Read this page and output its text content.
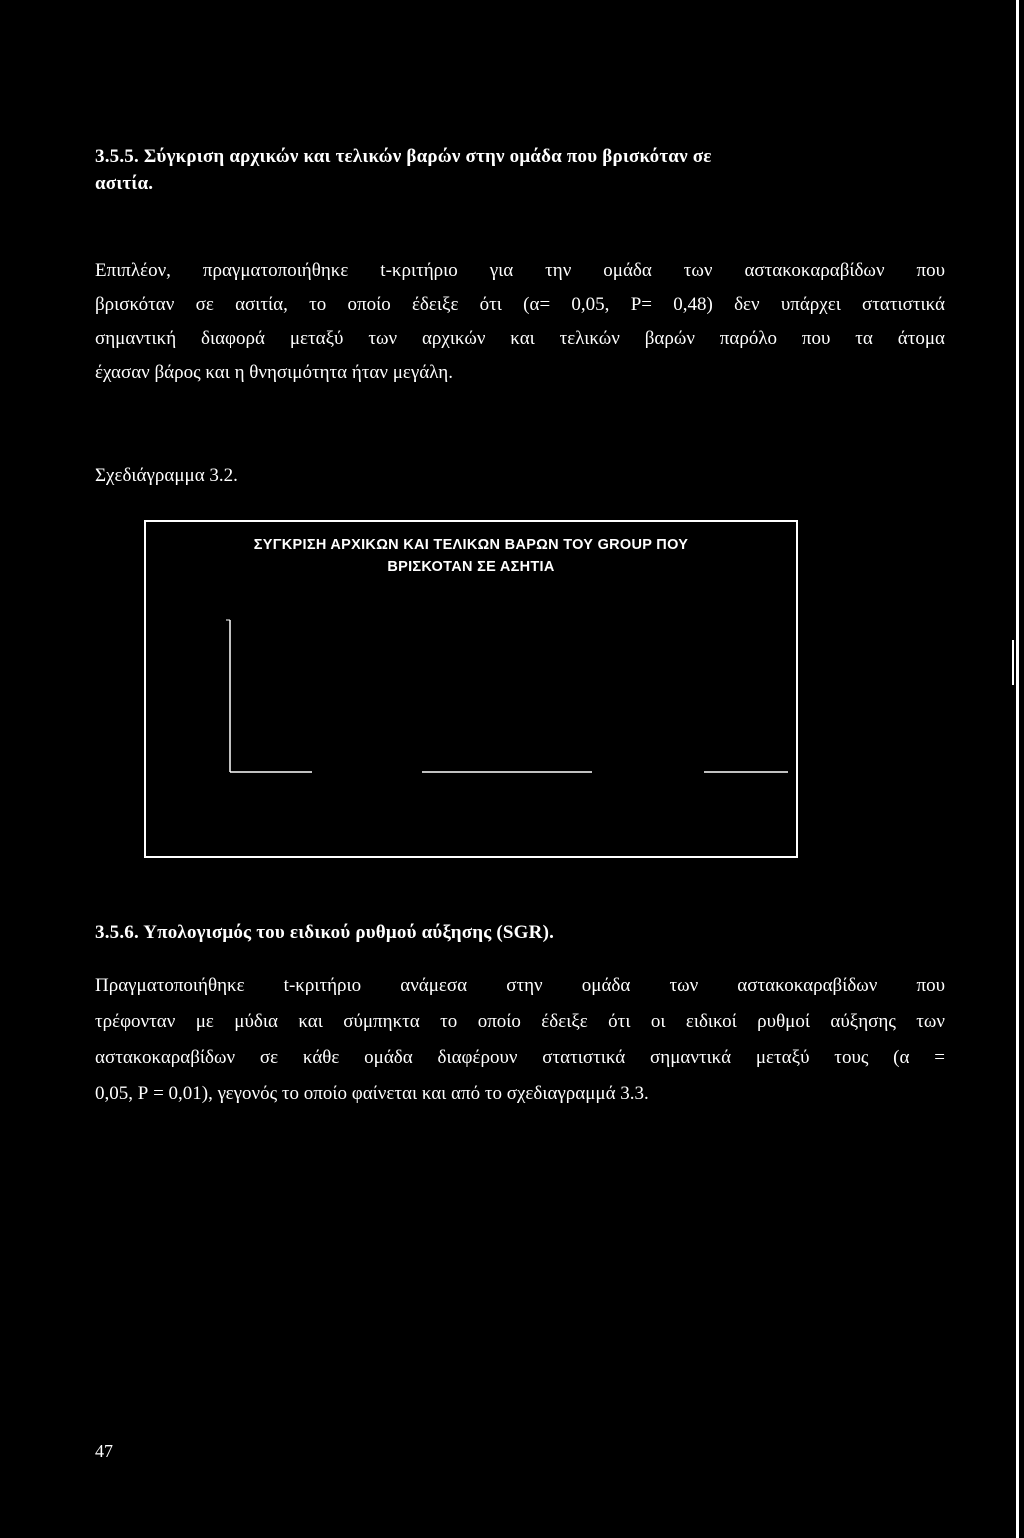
3.5.5. Σύγκριση αρχικών και τελικών βαρών στην ομάδα που βρισκόταν σε
ασιτία.
Επιπλέον, πραγματοποιήθηκε t-κριτήριο για την ομάδα των αστακοκαραβίδων που
βρισκόταν σε ασιτία, το οποίο έδειξε ότι (α= 0,05, Ρ= 0,48) δεν υπάρχει στατιστικά
σημαντική διαφορά μεταξύ των αρχικών και τελικών βαρών παρόλο που τα άτομα
έχασαν βάρος και η θνησιμότητα ήταν μεγάλη.
Σχεδιάγραμμα 3.2.
ΣΥΓΚΡΙΣΗ ΑΡΧΙΚΩΝ ΚΑΙ ΤΕΛΙΚΩΝ ΒΑΡΩΝ ΤΟΥ GROUP ΠΟΥ
ΒΡΙΣΚΟΤΑΝ ΣΕ ΑΣΗΤΙΑ
3.5.6. Υπολογισμός του ειδικού ρυθμού αύξησης (SGR).
Πραγματοποιήθηκε t-κριτήριο ανάμεσα στην ομάδα των αστακοκαραβίδων που
τρέφονταν με μύδια και σύμπηκτα το οποίο έδειξε ότι οι ειδικοί ρυθμοί αύξησης των
αστακοκαραβίδων σε κάθε ομάδα διαφέρουν στατιστικά σημαντικά μεταξύ τους (α =
0,05, Ρ = 0,01), γεγονός το οποίο φαίνεται και από το σχεδιαγραμμά 3.3.
47
